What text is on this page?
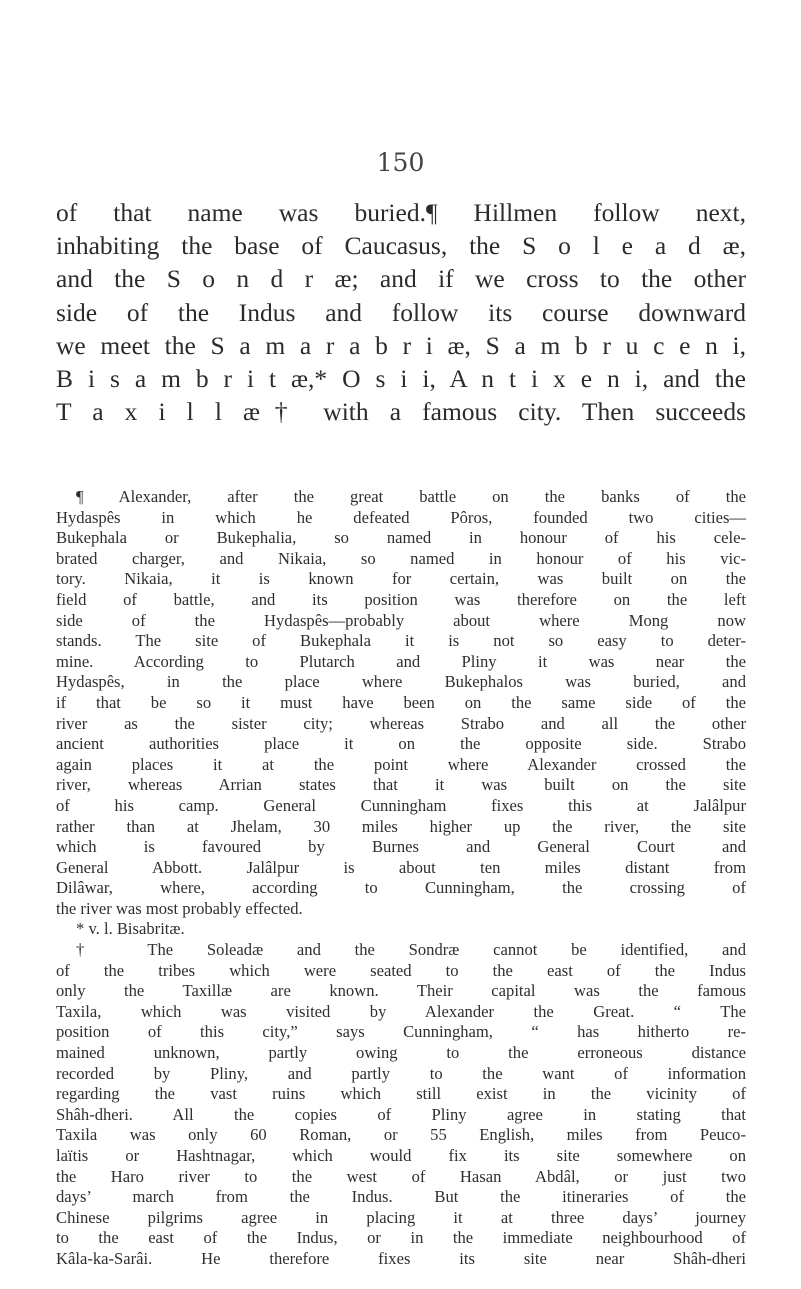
150
of that name was buried.¶ Hillmen follow next,
inhabiting the base of Caucasus, the S o l e a d æ,
and the S o n d r æ; and if we cross to the other
side of the Indus and follow its course downward
we meet the S a m a r a b r i æ, S a m b r u c e n i,
B i s a m b r i t æ,* O s i i, A n t i x e n i, and the
T a x i l l æ† with a famous city. Then succeeds
¶ Alexander, after the great battle on the banks of the
Hydaspês in which he defeated Pôros, founded two cities—
Bukephala or Bukephalia, so named in honour of his cele-
brated charger, and Nikaia, so named in honour of his vic-
tory. Nikaia, it is known for certain, was built on the
field of battle, and its position was therefore on the left
side of the Hydaspês—probably about where Mong now
stands. The site of Bukephala it is not so easy to deter-
mine. According to Plutarch and Pliny it was near the
Hydaspês, in the place where Bukephalos was buried, and
if that be so it must have been on the same side of the
river as the sister city; whereas Strabo and all the other
ancient authorities place it on the opposite side. Strabo
again places it at the point where Alexander crossed the
river, whereas Arrian states that it was built on the site
of his camp. General Cunningham fixes this at Jalâlpur
rather than at Jhelam, 30 miles higher up the river, the site
which is favoured by Burnes and General Court and
General Abbott. Jalâlpur is about ten miles distant from
Dilâwar, where, according to Cunningham, the crossing of
the river was most probably effected.
* v. l. Bisabritæ.
† The Soleadæ and the Sondræ cannot be identified, and
of the tribes which were seated to the east of the Indus
only the Taxillæ are known. Their capital was the famous
Taxila, which was visited by Alexander the Great. “ The
position of this city,” says Cunningham, “ has hitherto re-
mained unknown, partly owing to the erroneous distance
recorded by Pliny, and partly to the want of information
regarding the vast ruins which still exist in the vicinity of
Shâh-dheri. All the copies of Pliny agree in stating that
Taxila was only 60 Roman, or 55 English, miles from Peuco-
laïtis or Hashtnagar, which would fix its site somewhere on
the Haro river to the west of Hasan Abdâl, or just two
days’ march from the Indus. But the itineraries of the
Chinese pilgrims agree in placing it at three days’ journey
to the east of the Indus, or in the immediate neighbourhood of
Kâla-ka-Sarâi. He therefore fixes its site near Shâh-dheri
